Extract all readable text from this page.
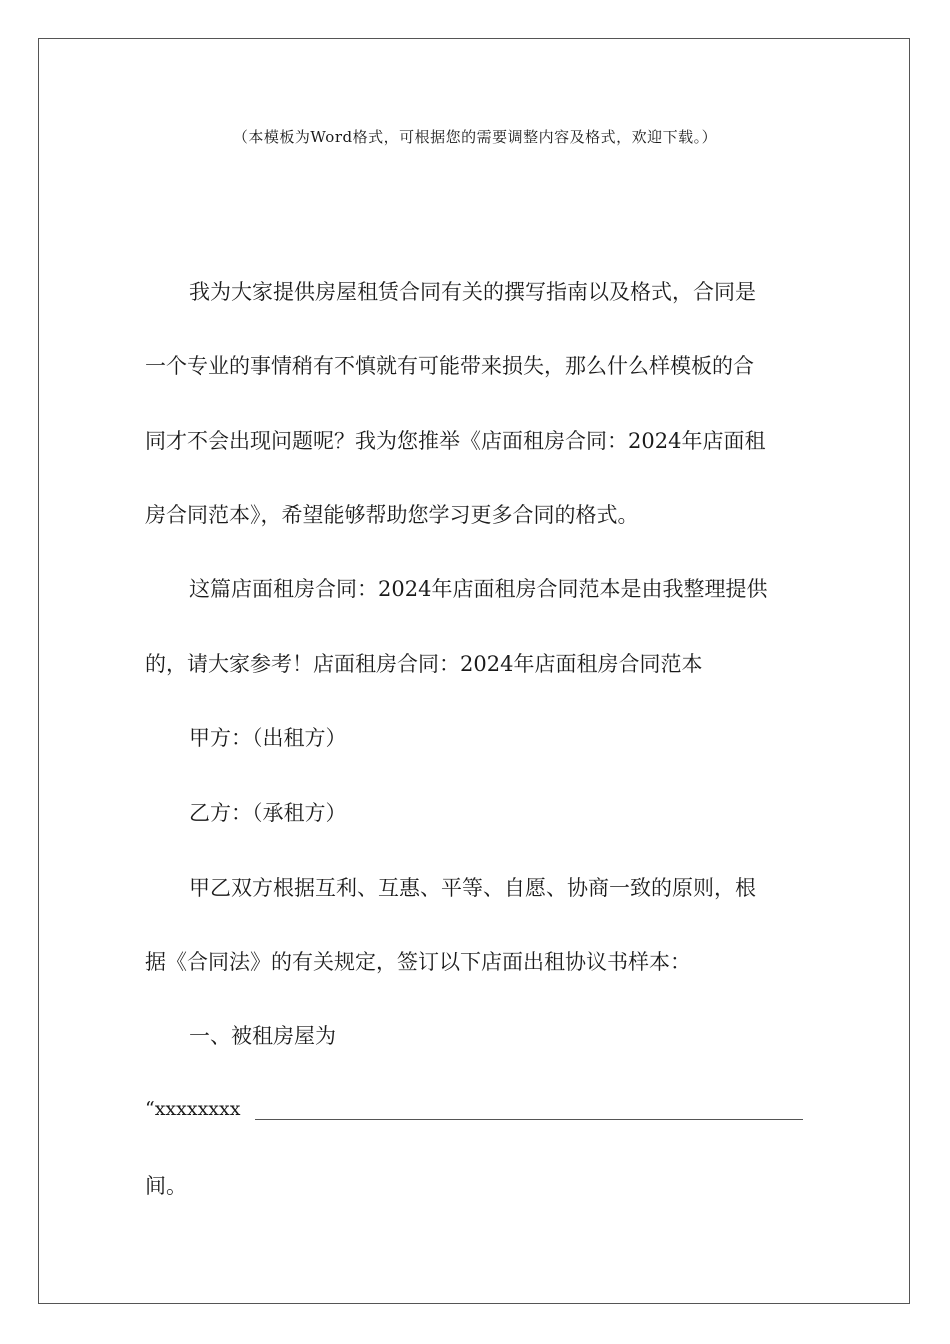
（本模板为Word格式，可根据您的需要调整内容及格式，欢迎下载。）
我为大家提供房屋租赁合同有关的撰写指南以及格式，合同是
一个专业的事情稍有不慎就有可能带来损失，那么什么样模板的合
同才不会出现问题呢？我为您推举《店面租房合同：2024年店面租
房合同范本》，希望能够帮助您学习更多合同的格式。
这篇店面租房合同：2024年店面租房合同范本是由我整理提供
的，请大家参考！店面租房合同：2024年店面租房合同范本
甲方：（出租方）
乙方：（承租方）
甲乙双方根据互利、互惠、平等、自愿、协商一致的原则，根
据《合同法》的有关规定，签订以下店面出租协议书样本：
一、被租房屋为
“xxxxxxxx
间。
